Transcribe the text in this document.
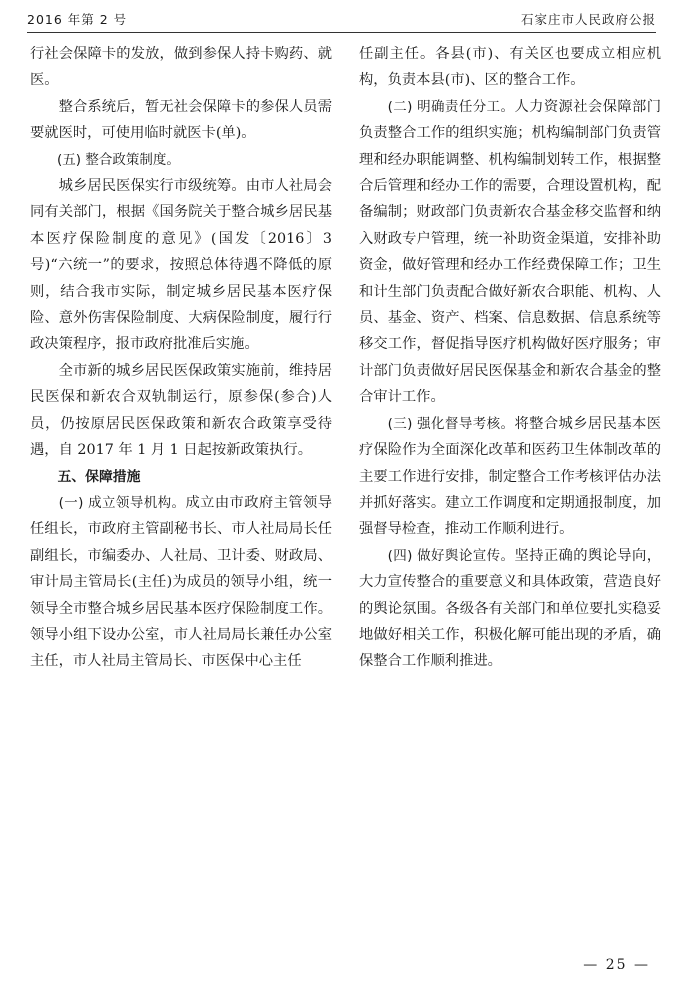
2016 年第 2 号	石家庄市人民政府公报

行社会保障卡的发放，做到参保人持卡购药、就医。

整合系统后，暂无社会保障卡的参保人员需要就医时，可使用临时就医卡(单)。

(五) 整合政策制度。

城乡居民医保实行市级统筹。由市人社局会同有关部门，根据《国务院关于整合城乡居民基本医疗保险制度的意见》(国发〔2016〕3号)“六统一”的要求，按照总体待遇不降低的原则，结合我市实际，制定城乡居民基本医疗保险、意外伤害保险制度、大病保险制度，履行行政决策程序，报市政府批准后实施。

全市新的城乡居民医保政策实施前，维持居民医保和新农合双轨制运行，原参保(参合)人员，仍按原居民医保政策和新农合政策享受待遇，自 2017 年 1 月 1 日起按新政策执行。

五、保障措施

(一) 成立领导机构。成立由市政府主管领导任组长，市政府主管副秘书长、市人社局局长任副组长，市编委办、人社局、卫计委、财政局、审计局主管局长(主任)为成员的领导小组，统一领导全市整合城乡居民基本医疗保险制度工作。领导小组下设办公室，市人社局局长兼任办公室主任，市人社局主管局长、市医保中心主任

任副主任。各县(市)、有关区也要成立相应机构，负责本县(市)、区的整合工作。

(二) 明确责任分工。人力资源社会保障部门负责整合工作的组织实施；机构编制部门负责管理和经办职能调整、机构编制划转工作，根据整合后管理和经办工作的需要，合理设置机构，配备编制；财政部门负责新农合基金移交监督和纳入财政专户管理，统一补助资金渠道，安排补助资金，做好管理和经办工作经费保障工作；卫生和计生部门负责配合做好新农合职能、机构、人员、基金、资产、档案、信息数据、信息系统等移交工作，督促指导医疗机构做好医疗服务；审计部门负责做好居民医保基金和新农合基金的整合审计工作。

(三) 强化督导考核。将整合城乡居民基本医疗保险作为全面深化改革和医药卫生体制改革的主要工作进行安排，制定整合工作考核评估办法并抓好落实。建立工作调度和定期通报制度，加强督导检查，推动工作顺利进行。

(四) 做好舆论宣传。坚持正确的舆论导向，大力宣传整合的重要意义和具体政策，营造良好的舆论氛围。各级各有关部门和单位要扎实稳妥地做好相关工作，积极化解可能出现的矛盾，确保整合工作顺利推进。

— 25 —
